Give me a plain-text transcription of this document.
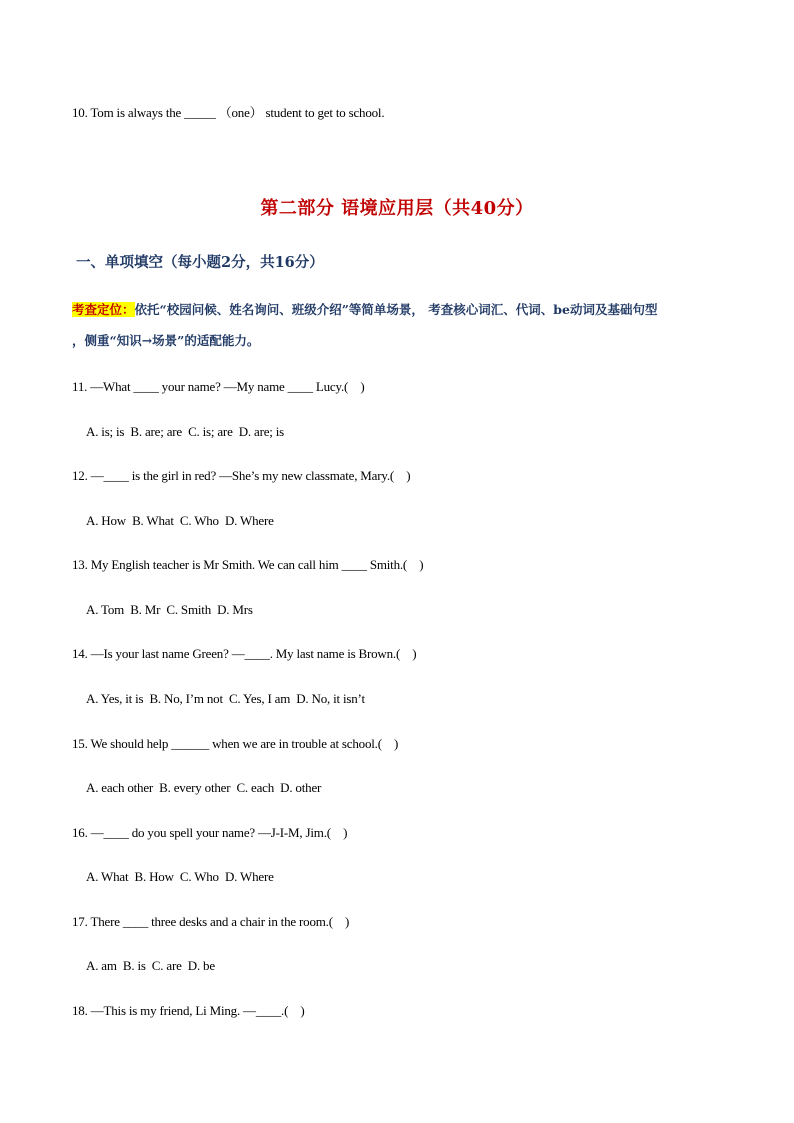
10. Tom is always the _____ （one） student to get to school.
第二部分 语境应用层（共40分）
一、单项填空（每小题2分，共16分）
考查定位：依托“校园问候、姓名询问、班级介绍”等简单场景， 考查核心词汇、代词、be动词及基础句型
，侧重“知识→场景”的适配能力。
11. —What ____ your name? —My name ____ Lucy.(    )
A. is; is  B. are; are  C. is; are  D. are; is
12. —____ is the girl in red? —She’s my new classmate, Mary.(    )
A. How  B. What  C. Who  D. Where
13. My English teacher is Mr Smith. We can call him ____ Smith.(    )
A. Tom  B. Mr  C. Smith  D. Mrs
14. —Is your last name Green? —____. My last name is Brown.(    )
A. Yes, it is  B. No, I’m not  C. Yes, I am  D. No, it isn’t
15. We should help ______ when we are in trouble at school.(    )
A. each other  B. every other  C. each  D. other
16. —____ do you spell your name? —J-I-M, Jim.(    )
A. What  B. How  C. Who  D. Where
17. There ____ three desks and a chair in the room.(    )
A. am  B. is  C. are  D. be
18. —This is my friend, Li Ming. —____.(    )
